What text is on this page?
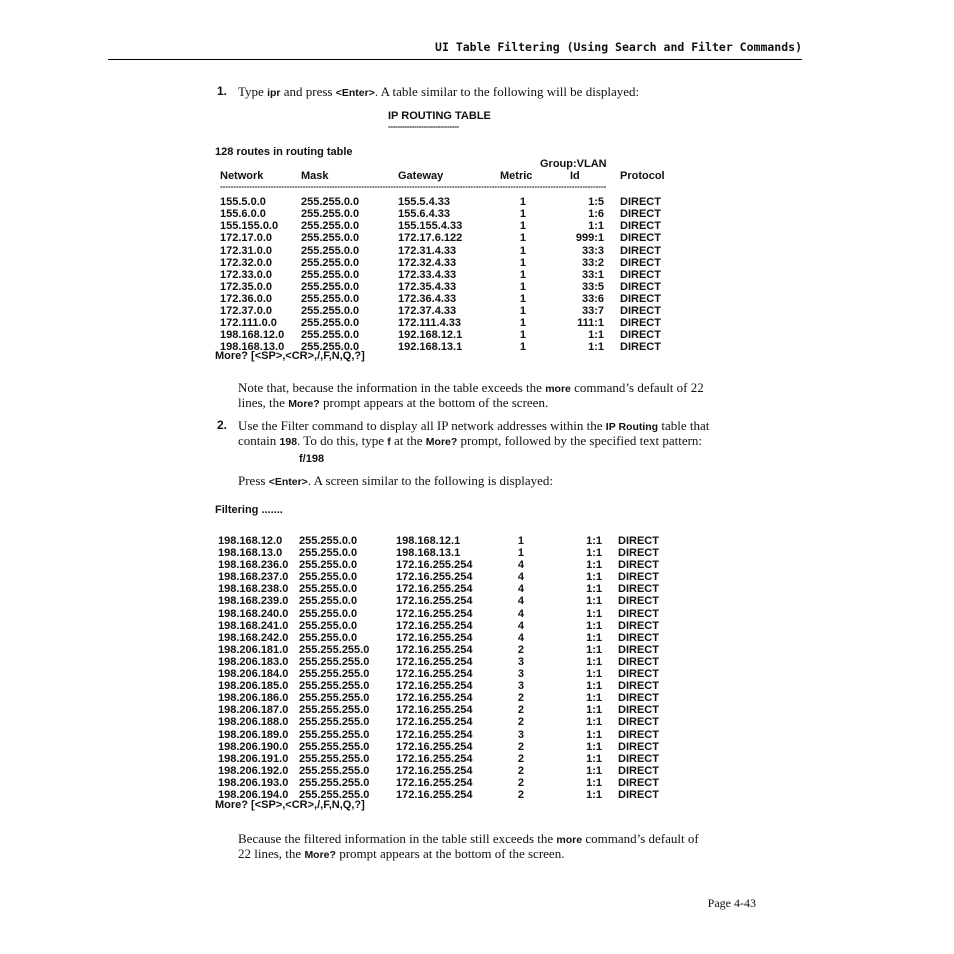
UI Table Filtering (Using Search and Filter Commands)
1. Type ipr and press <Enter>. A table similar to the following will be displayed:
IP ROUTING TABLE
------------------------------
128 routes in routing table
Group:VLAN
Network	Mask	Gateway	Metric	Id	Protocol
-------------------------------------------------------------------------------------------------------------------------------------------------
155.5.0.0	255.255.0.0	155.5.4.33	1	1:5 DIRECT
155.6.0.0	255.255.0.0	155.6.4.33	1	1:6 DIRECT
155.155.0.0 255.255.0.0	155.155.4.33	1	1:1 DIRECT
172.17.0.0	255.255.0.0	172.17.6.122	1	999:1 DIRECT
172.31.0.0	255.255.0.0	172.31.4.33	1	33:3 DIRECT
172.32.0.0	255.255.0.0	172.32.4.33	1	33:2 DIRECT
172.33.0.0	255.255.0.0	172.33.4.33	1	33:1 DIRECT
172.35.0.0	255.255.0.0	172.35.4.33	1	33:5 DIRECT
172.36.0.0	255.255.0.0	172.36.4.33	1	33:6 DIRECT
172.37.0.0	255.255.0.0	172.37.4.33	1	33:7 DIRECT
172.111.0.0 255.255.0.0	172.111.4.33	1	111:1 DIRECT
198.168.12.0 255.255.0.0	192.168.12.1	1	1:1 DIRECT
198.168.13.0 255.255.0.0	192.168.13.1	1	1:1 DIRECT
More? [<SP>,<CR>,/,F,N,Q,?]
Note that, because the information in the table exceeds the more command’s default of 22
lines, the More? prompt appears at the bottom of the screen.
2. Use the Filter command to display all IP network addresses within the IP Routing table that
contain 198. To do this, type f at the More? prompt, followed by the specified text pattern:
f/198
Press <Enter>. A screen similar to the following is displayed:
Filtering .......
198.168.12.0 255.255.0.0	198.168.12.1	1	1:1 DIRECT
198.168.13.0 255.255.0.0	198.168.13.1	1	1:1 DIRECT
198.168.236.0 255.255.0.0	172.16.255.254	4	1:1 DIRECT
198.168.237.0 255.255.0.0	172.16.255.254	4	1:1 DIRECT
198.168.238.0 255.255.0.0	172.16.255.254	4	1:1 DIRECT
198.168.239.0 255.255.0.0	172.16.255.254	4	1:1 DIRECT
198.168.240.0 255.255.0.0	172.16.255.254	4	1:1 DIRECT
198.168.241.0 255.255.0.0	172.16.255.254	4	1:1 DIRECT
198.168.242.0 255.255.0.0	172.16.255.254	4	1:1 DIRECT
198.206.181.0 255.255.255.0 172.16.255.254	2	1:1 DIRECT
198.206.183.0 255.255.255.0 172.16.255.254	3	1:1 DIRECT
198.206.184.0 255.255.255.0 172.16.255.254	3	1:1 DIRECT
198.206.185.0 255.255.255.0 172.16.255.254	3	1:1 DIRECT
198.206.186.0 255.255.255.0 172.16.255.254	2	1:1 DIRECT
198.206.187.0 255.255.255.0 172.16.255.254	2	1:1 DIRECT
198.206.188.0 255.255.255.0 172.16.255.254	2	1:1 DIRECT
198.206.189.0 255.255.255.0 172.16.255.254	3	1:1 DIRECT
198.206.190.0 255.255.255.0 172.16.255.254	2	1:1 DIRECT
198.206.191.0 255.255.255.0 172.16.255.254	2	1:1 DIRECT
198.206.192.0 255.255.255.0 172.16.255.254	2	1:1 DIRECT
198.206.193.0 255.255.255.0 172.16.255.254	2	1:1 DIRECT
198.206.194.0 255.255.255.0 172.16.255.254	2	1:1 DIRECT
More? [<SP>,<CR>,/,F,N,Q,?]
Because the filtered information in the table still exceeds the more command’s default of
22 lines, the More? prompt appears at the bottom of the screen.
Page 4-43
